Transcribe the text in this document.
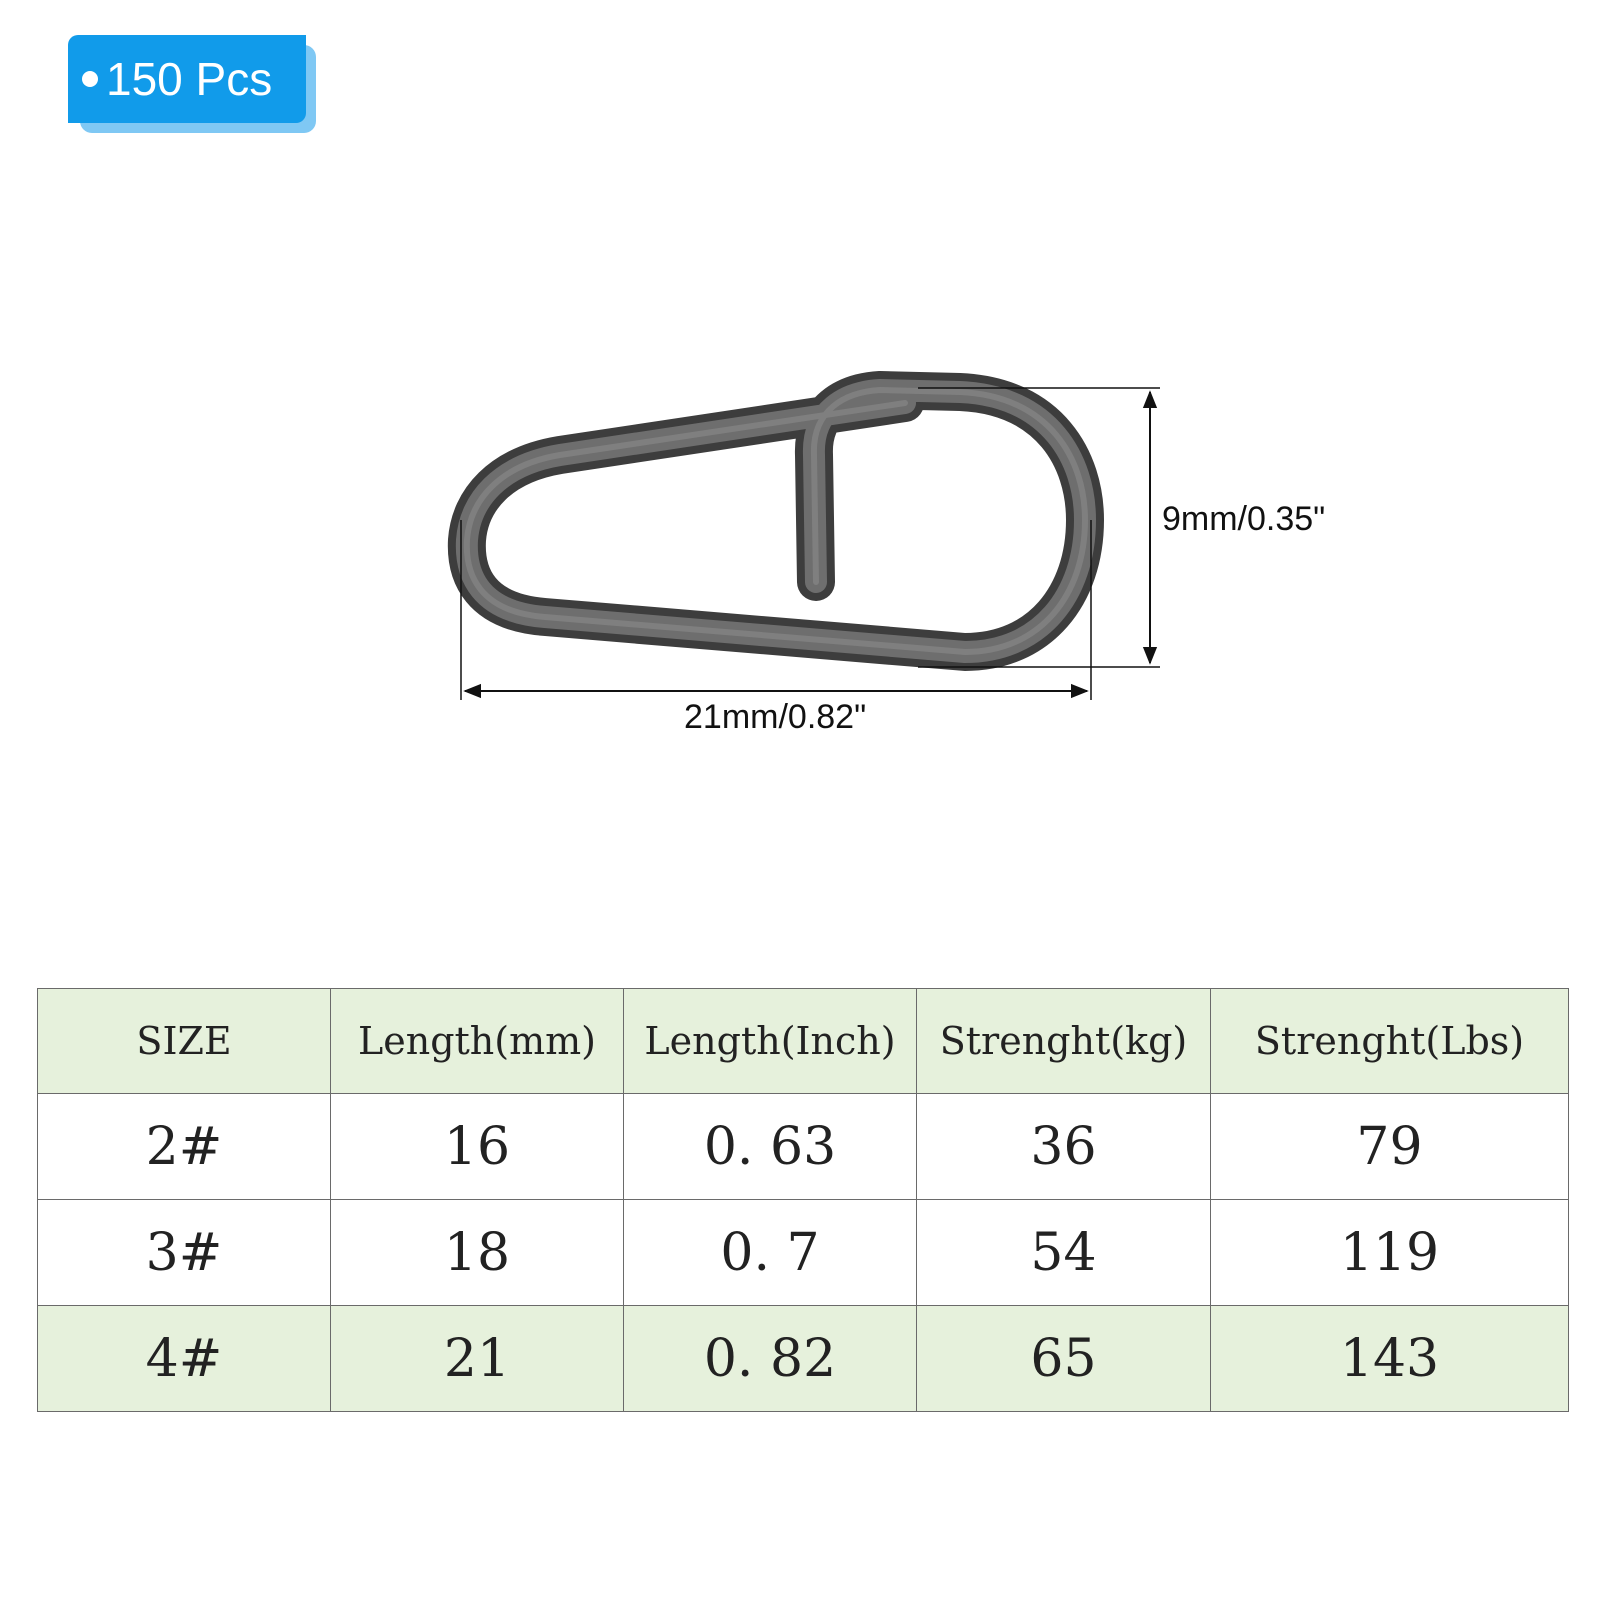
150 Pcs
9mm/0.35"
21mm/0.82"
SIZE	Length(mm)	Length(Inch)	Strenght(kg)	Strenght(Lbs)
2#	16	0. 63	36	79
3#	18	0. 7	54	119
4#	21	0. 82	65	143
